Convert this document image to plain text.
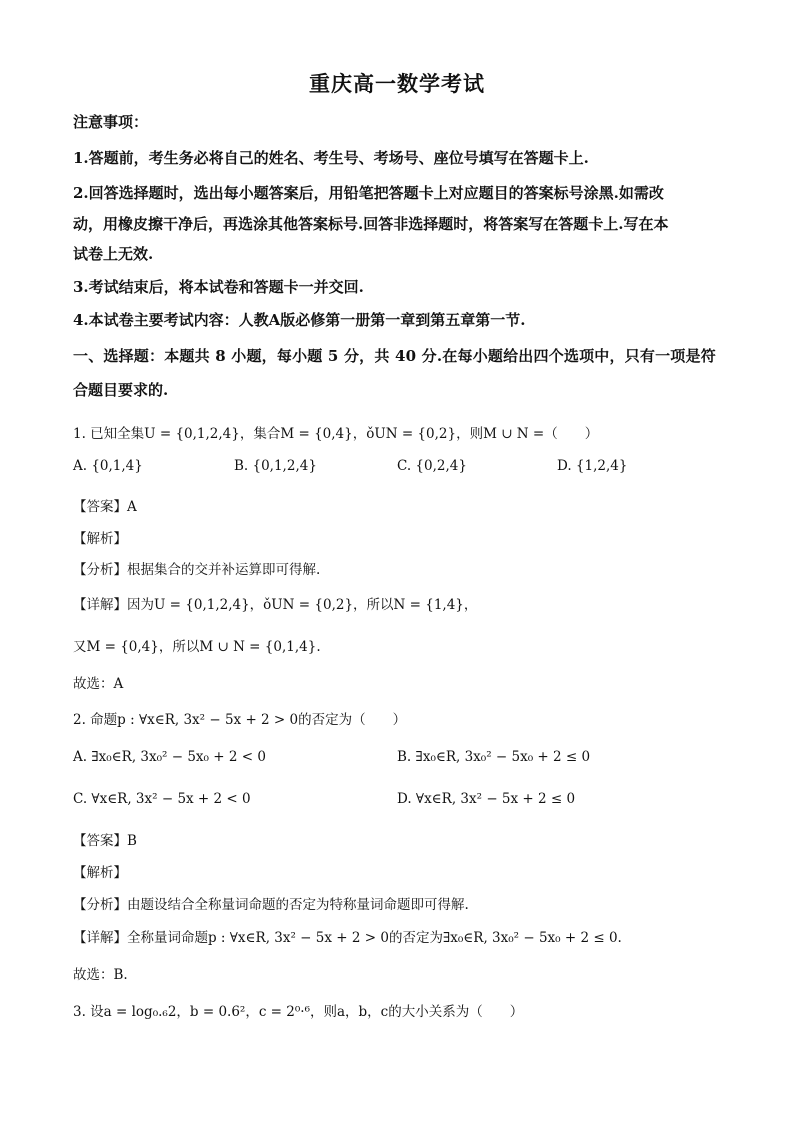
重庆高一数学考试
注意事项：
1.答题前，考生务必将自己的姓名、考生号、考场号、座位号填写在答题卡上.
2.回答选择题时，选出每小题答案后，用铅笔把答题卡上对应题目的答案标号涂黑.如需改
动，用橡皮擦干净后，再选涂其他答案标号.回答非选择题时，将答案写在答题卡上.写在本
试卷上无效.
3.考试结束后，将本试卷和答题卡一并交回.
4.本试卷主要考试内容：人教A版必修第一册第一章到第五章第一节.
一、选择题：本题共 8 小题，每小题 5 分，共 40 分.在每小题给出四个选项中，只有一项是符
合题目要求的.
1. 已知全集U = {0,1,2,4}，集合M = {0,4}，ǒUN = {0,2}，则M ∪ N =（　　）
A. {0,1,4}	B. {0,1,2,4}	C. {0,2,4}	D. {1,2,4}
【答案】A
【解析】
【分析】根据集合的交并补运算即可得解.
【详解】因为U = {0,1,2,4}，ǒUN = {0,2}，所以N = {1,4}，
又M = {0,4}，所以M ∪ N = {0,1,4}.
故选：A
2. 命题p : ∀x∈R, 3x² − 5x + 2 > 0的否定为（　　）
A. ∃x₀∈R, 3x₀² − 5x₀ + 2 < 0	B. ∃x₀∈R, 3x₀² − 5x₀ + 2 ≤ 0
C. ∀x∈R, 3x² − 5x + 2 < 0	D. ∀x∈R, 3x² − 5x + 2 ≤ 0
【答案】B
【解析】
【分析】由题设结合全称量词命题的否定为特称量词命题即可得解.
【详解】全称量词命题p : ∀x∈R, 3x² − 5x + 2 > 0的否定为∃x₀∈R, 3x₀² − 5x₀ + 2 ≤ 0.
故选：B.
3. 设a = log₀.₆2，b = 0.6²，c = 2⁰·⁶，则a，b，c的大小关系为（　　）
